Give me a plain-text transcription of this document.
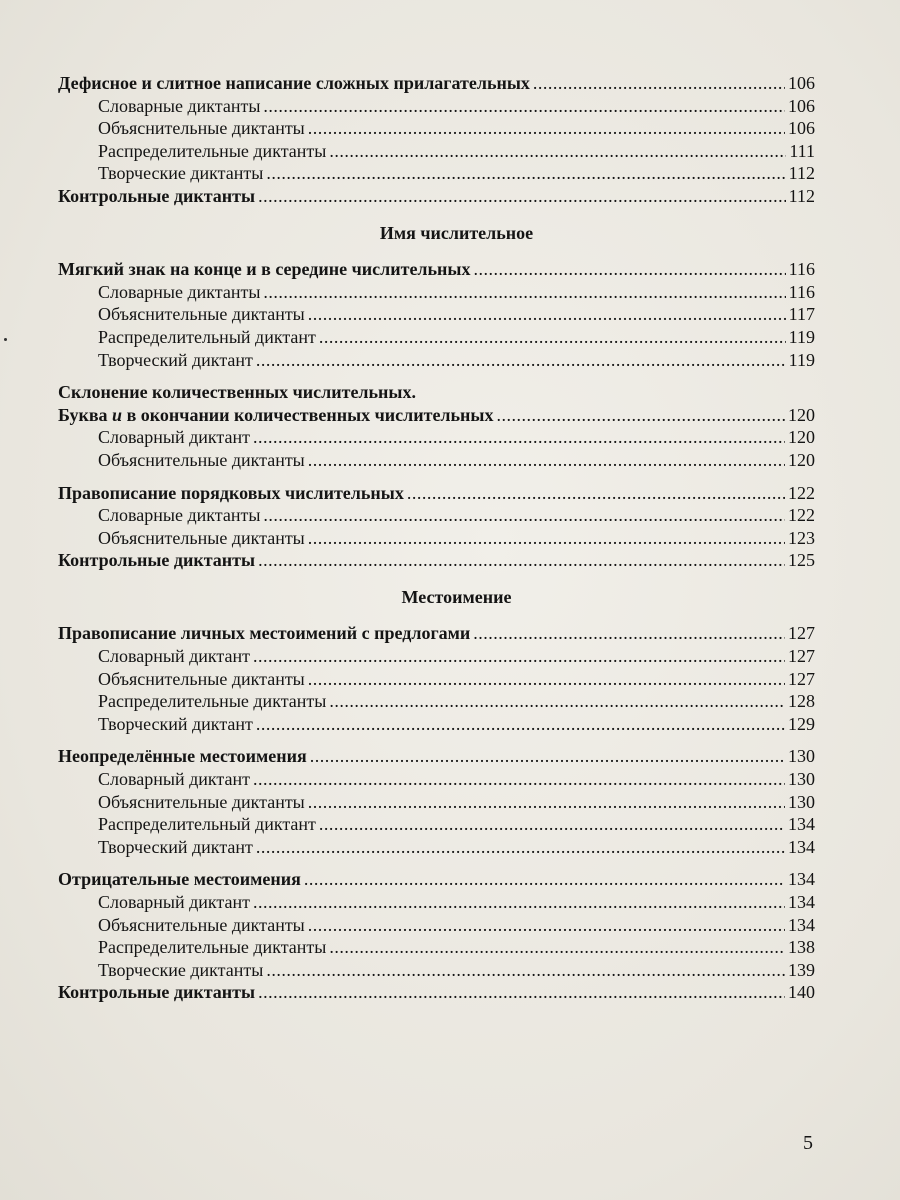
Дефисное и слитное написание сложных прилагательных .....	106
Словарные диктанты .....	106
Объяснительные диктанты .....	106
Распределительные диктанты .....	111
Творческие диктанты .....	112
Контрольные диктанты .....	112
Имя числительное
Мягкий знак на конце и в середине числительных .....	116
Словарные диктанты .....	116
Объяснительные диктанты .....	117
Распределительный диктант .....	119
Творческий диктант .....	119
Склонение количественных числительных.
Буква и в окончании количественных числительных .....	120
Словарный диктант .....	120
Объяснительные диктанты .....	120
Правописание порядковых числительных .....	122
Словарные диктанты .....	122
Объяснительные диктанты .....	123
Контрольные диктанты .....	125
Местоимение
Правописание личных местоимений с предлогами .....	127
Словарный диктант .....	127
Объяснительные диктанты .....	127
Распределительные диктанты .....	128
Творческий диктант .....	129
Неопределённые местоимения .....	130
Словарный диктант .....	130
Объяснительные диктанты .....	130
Распределительный диктант .....	134
Творческий диктант .....	134
Отрицательные местоимения .....	134
Словарный диктант .....	134
Объяснительные диктанты .....	134
Распределительные диктанты .....	138
Творческие диктанты .....	139
Контрольные диктанты .....	140
5
